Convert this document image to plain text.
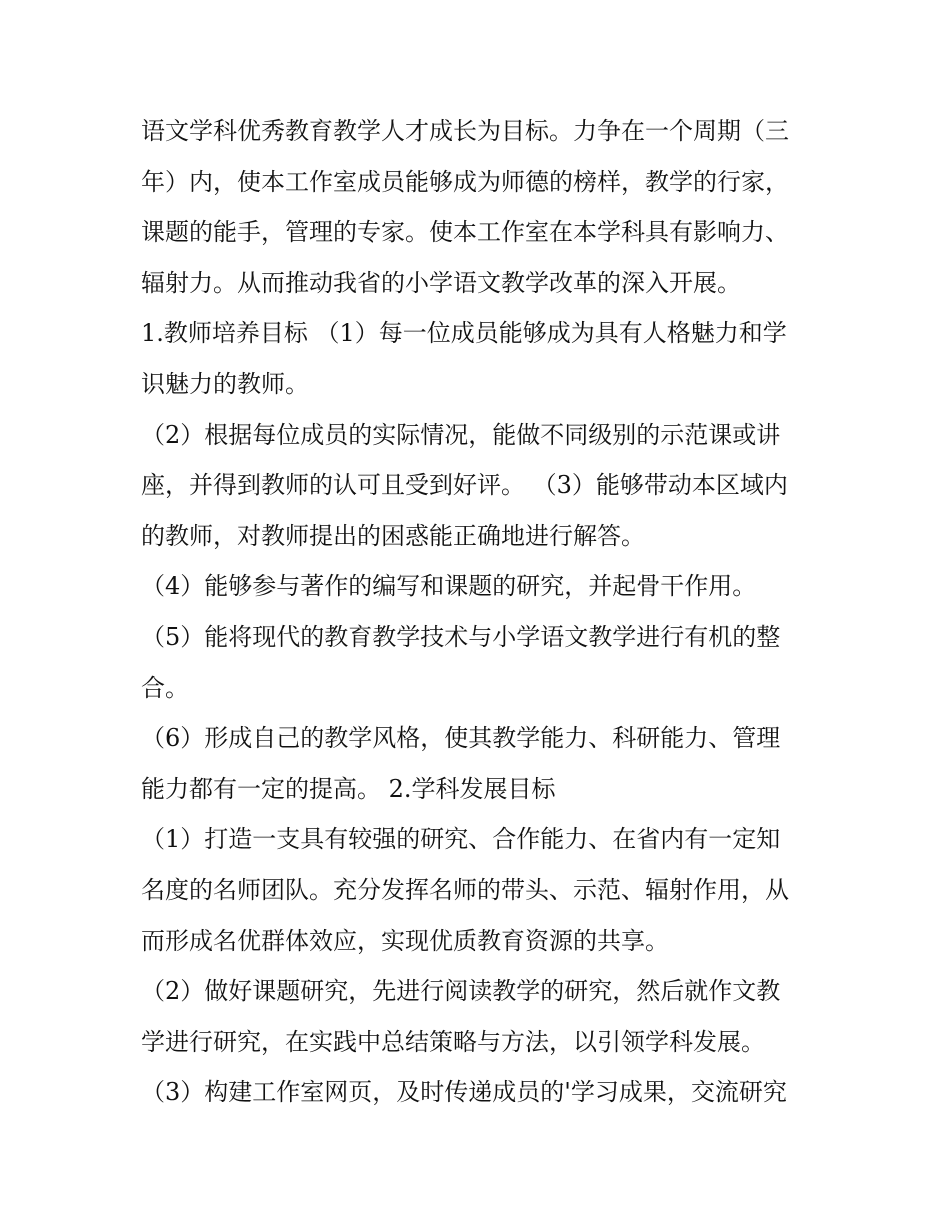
语文学科优秀教育教学人才成长为目标。力争在一个周期（三
年）内，使本工作室成员能够成为师德的榜样，教学的行家，
课题的能手，管理的专家。使本工作室在本学科具有影响力、
辐射力。从而推动我省的小学语文教学改革的深入开展。
1.教师培养目标 （1）每一位成员能够成为具有人格魅力和学
识魅力的教师。
（2）根据每位成员的实际情况，能做不同级别的示范课或讲
座，并得到教师的认可且受到好评。 （3）能够带动本区域内
的教师，对教师提出的困惑能正确地进行解答。
（4）能够参与著作的编写和课题的研究，并起骨干作用。
（5）能将现代的教育教学技术与小学语文教学进行有机的整
合。
（6）形成自己的教学风格，使其教学能力、科研能力、管理
能力都有一定的提高。 2.学科发展目标
（1）打造一支具有较强的研究、合作能力、在省内有一定知
名度的名师团队。充分发挥名师的带头、示范、辐射作用，从
而形成名优群体效应，实现优质教育资源的共享。
（2）做好课题研究，先进行阅读教学的研究，然后就作文教
学进行研究，在实践中总结策略与方法，以引领学科发展。
（3）构建工作室网页，及时传递成员的'学习成果，交流研究
